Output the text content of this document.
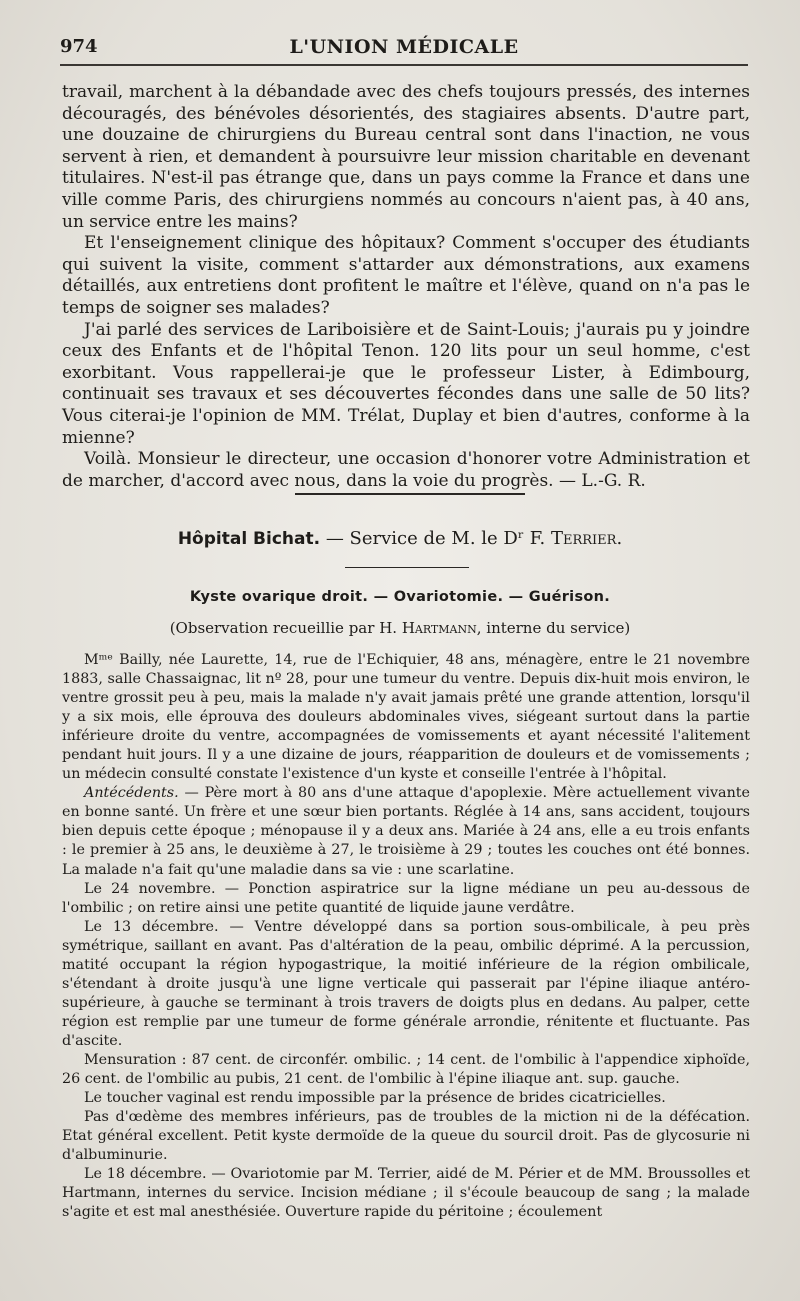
974	L'UNION MÉDICALE

travail, marchent à la débandade avec des chefs toujours pressés, des internes découragés, des bénévoles désorientés, des stagiaires absents. D'autre part, une douzaine de chirurgiens du Bureau central sont dans l'inaction, ne vous servent à rien, et demandent à poursuivre leur mission charitable en devenant titulaires. N'est-il pas étrange que, dans un pays comme la France et dans une ville comme Paris, des chirurgiens nommés au concours n'aient pas, à 40 ans, un service entre les mains?

Et l'enseignement clinique des hôpitaux? Comment s'occuper des étudiants qui suivent la visite, comment s'attarder aux démonstrations, aux examens détaillés, aux entretiens dont profitent le maître et l'élève, quand on n'a pas le temps de soigner ses malades?

J'ai parlé des services de Lariboisière et de Saint-Louis; j'aurais pu y joindre ceux des Enfants et de l'hôpital Tenon. 120 lits pour un seul homme, c'est exorbitant. Vous rappellerai-je que le professeur Lister, à Edimbourg, continuait ses travaux et ses découvertes fécondes dans une salle de 50 lits? Vous citerai-je l'opinion de MM. Trélat, Duplay et bien d'autres, conforme à la mienne?

Voilà. Monsieur le directeur, une occasion d'honorer votre Administration et de marcher, d'accord avec nous, dans la voie du progrès. — L.-G. R.

Hôpital Bichat. — Service de M. le Dʳ F. Terrier.
Kyste ovarique droit. — Ovariotomie. — Guérison.
(Observation recueillie par H. Hartmann, interne du service)

Mᵐᵉ Bailly, née Laurette, 14, rue de l'Echiquier, 48 ans, ménagère, entre le 21 novembre 1883, salle Chassaignac, lit nº 28, pour une tumeur du ventre. Depuis dix-huit mois environ, le ventre grossit peu à peu, mais la malade n'y avait jamais prêté une grande attention, lorsqu'il y a six mois, elle éprouva des douleurs abdominales vives, siégeant surtout dans la partie inférieure droite du ventre, accompagnées de vomissements et ayant nécessité l'alitement pendant huit jours. Il y a une dizaine de jours, réapparition de douleurs et de vomissements ; un médecin consulté constate l'existence d'un kyste et conseille l'entrée à l'hôpital.

Antécédents. — Père mort à 80 ans d'une attaque d'apoplexie. Mère actuellement vivante en bonne santé. Un frère et une sœur bien portants. Réglée à 14 ans, sans accident, toujours bien depuis cette époque ; ménopause il y a deux ans. Mariée à 24 ans, elle a eu trois enfants : le premier à 25 ans, le deuxième à 27, le troisième à 29 ; toutes les couches ont été bonnes. La malade n'a fait qu'une maladie dans sa vie : une scarlatine.

Le 24 novembre. — Ponction aspiratrice sur la ligne médiane un peu au-dessous de l'ombilic ; on retire ainsi une petite quantité de liquide jaune verdâtre.

Le 13 décembre. — Ventre développé dans sa portion sous-ombilicale, à peu près symétrique, saillant en avant. Pas d'altération de la peau, ombilic déprimé. A la percussion, matité occupant la région hypogastrique, la moitié inférieure de la région ombilicale, s'étendant à droite jusqu'à une ligne verticale qui passerait par l'épine iliaque antéro-supérieure, à gauche se terminant à trois travers de doigts plus en dedans. Au palper, cette région est remplie par une tumeur de forme générale arrondie, rénitente et fluctuante. Pas d'ascite.

Mensuration : 87 cent. de circonfér. ombilic. ; 14 cent. de l'ombilic à l'appendice xiphoïde, 26 cent. de l'ombilic au pubis, 21 cent. de l'ombilic à l'épine iliaque ant. sup. gauche.

Le toucher vaginal est rendu impossible par la présence de brides cicatricielles.

Pas d'œdème des membres inférieurs, pas de troubles de la miction ni de la défécation. Etat général excellent. Petit kyste dermoïde de la queue du sourcil droit. Pas de glycosurie ni d'albuminurie.

Le 18 décembre. — Ovariotomie par M. Terrier, aidé de M. Périer et de MM. Broussolles et Hartmann, internes du service. Incision médiane ; il s'écoule beaucoup de sang ; la malade s'agite et est mal anesthésiée. Ouverture rapide du péritoine ; écoulement
